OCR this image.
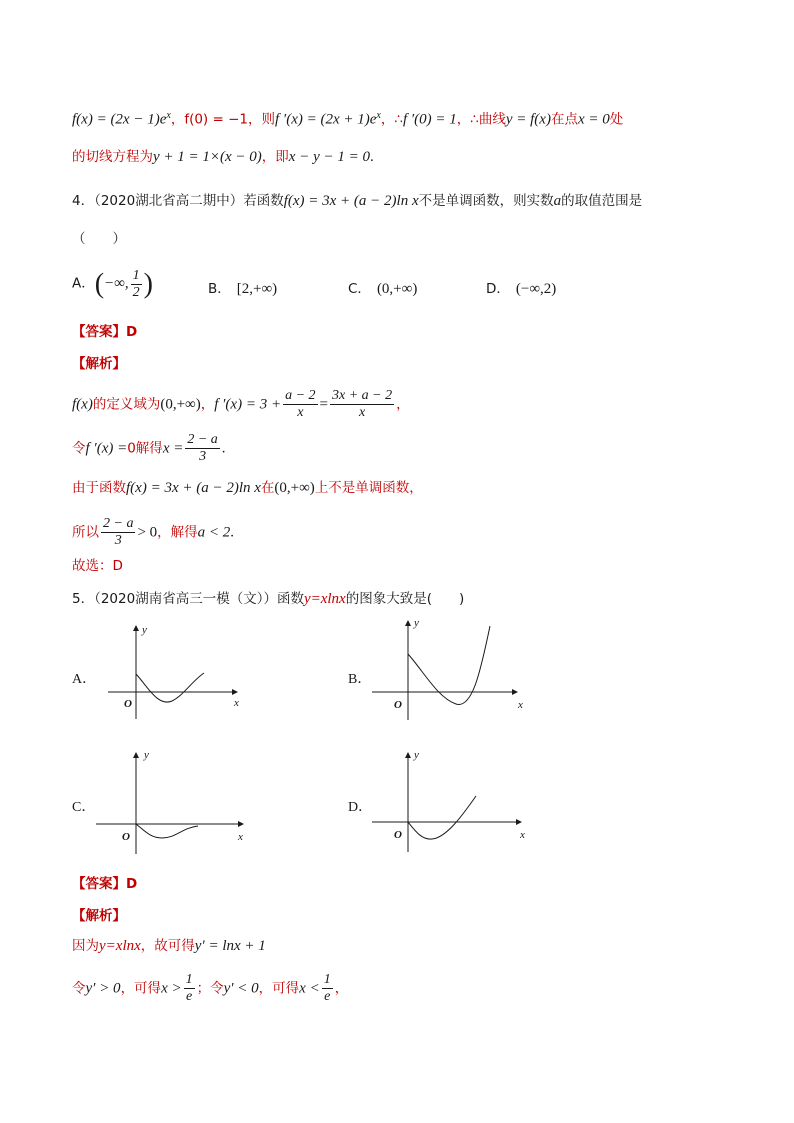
$f(x) = (2x - 1)e^x$，f(0) = −1，则f $'(x) = (2x + 1)e^x$，∴f ′(0) = 1，∴曲线y = f(x)在点x = 0处
的切线方程为y + 1 = 1×(x − 0)，即x − y − 1 = 0.
4．（2020湖北省高二期中）若函数f(x) = 3x + (a − 2)ln x不是单调函数，则实数a的取值范围是
（　　）
A．(−∞, $\frac{1}{2}$ )	B． [2,+∞)	C． (0,+∞)	D． (−∞,2)
【答案】D
【解析】
f(x)的定义域为(0,+∞)，f $'(x) = 3 + \frac{a - 2}{x} = \frac{3x + a - 2}{x}$ ，
令f ′(x) =0解得$x = \frac{2 - a}{3}$ .
由于函数f(x) = 3x + (a − 2)ln x在(0,+∞)上不是单调函数，
所以 $\frac{2 - a}{3} > 0$，解得a < 2.
故选：D
5．（2020湖南省高三一模（文））函数y=xlnx的图象大致是(　　)
A．
x
y
O
B．
x
y
O
C．
x
y
O
D．
x
y
O
【答案】D
【解析】
因为y=xlnx，故可得y′ = lnx + 1
令y′ > 0，可得$x > \frac{1}{e}$ ；令y′ < 0，可得$x < \frac{1}{e}$ ，
